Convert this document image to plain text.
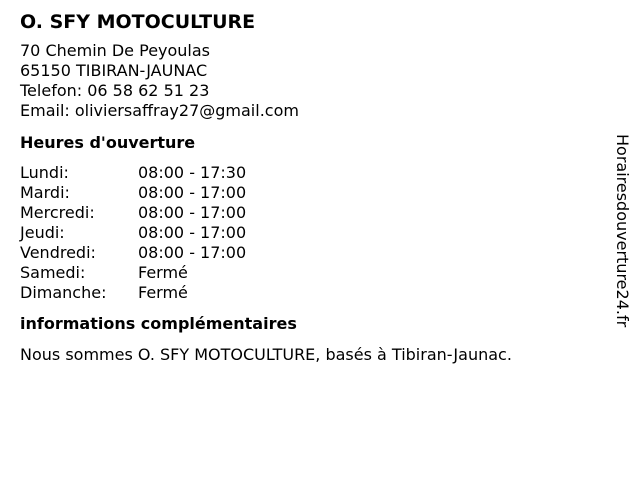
O. SFY MOTOCULTURE
70 Chemin De Peyoulas
65150 TIBIRAN-JAUNAC
Telefon: 06 58 62 51 23
Email: oliviersaffray27@gmail.com
Heures d'ouverture
Lundi:	08:00 - 17:30
Mardi:	08:00 - 17:00
Mercredi:	08:00 - 17:00
Jeudi:	08:00 - 17:00
Vendredi:	08:00 - 17:00
Samedi:	Fermé
Dimanche:	Fermé
informations complémentaires
Nous sommes O. SFY MOTOCULTURE, basés à Tibiran-Jaunac.
Horairesdouverture24.fr
